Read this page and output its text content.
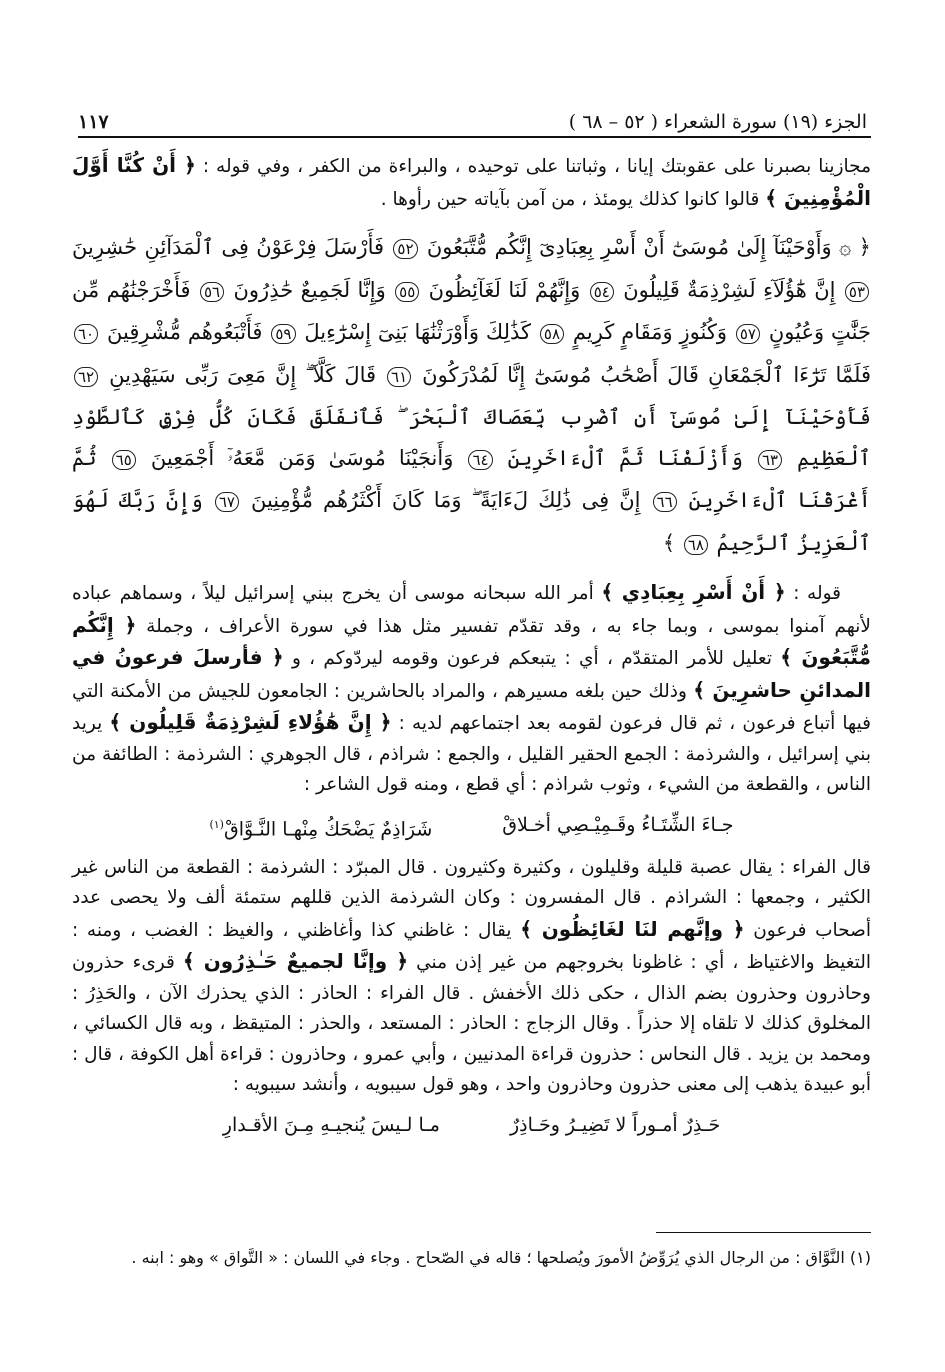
الجزء (١٩) سورة الشعراء ( ٥٢ – ٦٨ )
١١٧

مجازينا بصبرنا على عقوبتك إيانا ، وثباتنا على توحيده ، والبراءة من الكفر ، وفي قوله : ﴿ أَنْ كُنَّا أَوَّلَ الْمُؤْمِنِينَ ﴾ قالوا كانوا كذلك يومئذ ، من آمن بآياته حين رأوها .

﴿ ۞ وَأَوْحَيْنَآ إِلَىٰ مُوسَىٰٓ أَنْ أَسْرِ بِعِبَادِىٓ إِنَّكُم مُّتَّبَعُونَ ٥٢ فَأَرْسَلَ فِرْعَوْنُ فِى ٱلْمَدَآئِنِ حَٰشِرِينَ ٥٣ إِنَّ هَٰٓؤُلَآءِ لَشِرْذِمَةٌ قَلِيلُونَ ٥٤ وَإِنَّهُمْ لَنَا لَغَآئِظُونَ ٥٥ وَإِنَّا لَجَمِيعٌ حَٰذِرُونَ ٥٦ فَأَخْرَجْنَٰهُم مِّن جَنَّٰتٍ وَعُيُونٍ ٥٧ وَكُنُوزٍ وَمَقَامٍ كَرِيمٍ ٥٨ كَذَٰلِكَ وَأَوْرَثْنَٰهَا بَنِىٓ إِسْرَٰٓءِيلَ ٥٩ فَأَتْبَعُوهُم مُّشْرِقِينَ ٦٠ فَلَمَّا تَرَٰٓءَا ٱلْجَمْعَانِ قَالَ أَصْحَٰبُ مُوسَىٰٓ إِنَّا لَمُدْرَكُونَ ٦١ قَالَ كَلَّآ ۖ إِنَّ مَعِىَ رَبِّى سَيَهْدِينِ ٦٢ فَأَوْحَيْنَآ إِلَىٰ مُوسَىٰٓ أَنِ ٱضْرِب بِّعَصَاكَ ٱلْبَحْرَ ۖ فَٱنفَلَقَ فَكَانَ كُلُّ فِرْقٍ كَٱلطَّوْدِ ٱلْعَظِيمِ ٦٣ وَأَزْلَفْنَا ثَمَّ ٱلْءَاخَرِينَ ٦٤ وَأَنجَيْنَا مُوسَىٰ وَمَن مَّعَهُۥٓ أَجْمَعِينَ ٦٥ ثُمَّ أَغْرَقْنَا ٱلْءَاخَرِينَ ٦٦ إِنَّ فِى ذَٰلِكَ لَءَايَةً ۖ وَمَا كَانَ أَكْثَرُهُم مُّؤْمِنِينَ ٦٧ وَإِنَّ رَبَّكَ لَهُوَ ٱلْعَزِيزُ ٱلرَّحِيمُ ٦٨ ﴾

قوله : ﴿ أَنْ أَسْرِ بِعِبَادِي ﴾ أمر الله سبحانه موسى أن يخرج ببني إسرائيل ليلاً ، وسماهم عباده لأنهم آمنوا بموسى ، وبما جاء به ، وقد تقدّم تفسير مثل هذا في سورة الأعراف ، وجملة ﴿ إِنَّكُم مُّتَّبَعُونَ ﴾ تعليل للأمر المتقدّم ، أي : يتبعكم فرعون وقومه ليردّوكم ، و ﴿ فأرسلَ فرعونُ في المدائنِ حاشرِينَ ﴾ وذلك حين بلغه مسيرهم ، والمراد بالحاشرين : الجامعون للجيش من الأمكنة التي فيها أتباع فرعون ، ثم قال فرعون لقومه بعد اجتماعهم لديه : ﴿ إِنَّ هَٰؤُلاءِ لَشِرْذِمَةٌ قَلِيلُون ﴾ يريد بني إسرائيل ، والشرذمة : الجمع الحقير القليل ، والجمع : شراذم ، قال الجوهري : الشرذمة : الطائفة من الناس ، والقطعة من الشيء ، وثوب شراذم : أي قطع ، ومنه قول الشاعر :

جـاءَ الشِّتَـاءُ وقَـمِيْـصِي أخـلاقْ
شَرَاذِمٌ يَضْحَكُ مِنْهـا النَّـوَّاقْ$^{(١)}$

قال الفراء : يقال عصبة قليلة وقليلون ، وكثيرة وكثيرون . قال المبرّد : الشرذمة : القطعة من الناس غير الكثير ، وجمعها : الشراذم . قال المفسرون : وكان الشرذمة الذين قللهم ستمئة ألف ولا يحصى عدد أصحاب فرعون ﴿ وإنَّهم لنَا لغَائِظُون ﴾ يقال : غاظني كذا وأغاظني ، والغيظ : الغضب ، ومنه : التغيظ والاغتياظ ، أي : غاظونا بخروجهم من غير إذن مني ﴿ وإنَّا لجميعٌ حَـٰذِرُون ﴾ قرىء حذرون وحاذرون وحذرون بضم الذال ، حكى ذلك الأخفش . قال الفراء : الحاذر : الذي يحذرك الآن ، والحَذِرُ : المخلوق كذلك لا تلقاه إلا حذراً . وقال الزجاج : الحاذر : المستعد ، والحذر : المتيقظ ، وبه قال الكسائي ، ومحمد بن يزيد . قال النحاس : حذرون قراءة المدنيين ، وأبي عمرو ، وحاذرون : قراءة أهل الكوفة ، قال : أبو عبيدة يذهب إلى معنى حذرون وحاذرون واحد ، وهو قول سيبويه ، وأنشد سيبويه :

حَـذِرٌ أمـوراً لا تَضِيـرُ وحَـاذِرٌ
مـا لـيسَ يُنجيـهِ مِـنَ الأقـدارِ
(١) النَّوَّاق : من الرجال الذي يُرَوِّضُ الأمورَ ويُصلحها ؛ قاله في الصّحاح . وجاء في اللسان : « التَّواق » وهو : ابنه .
